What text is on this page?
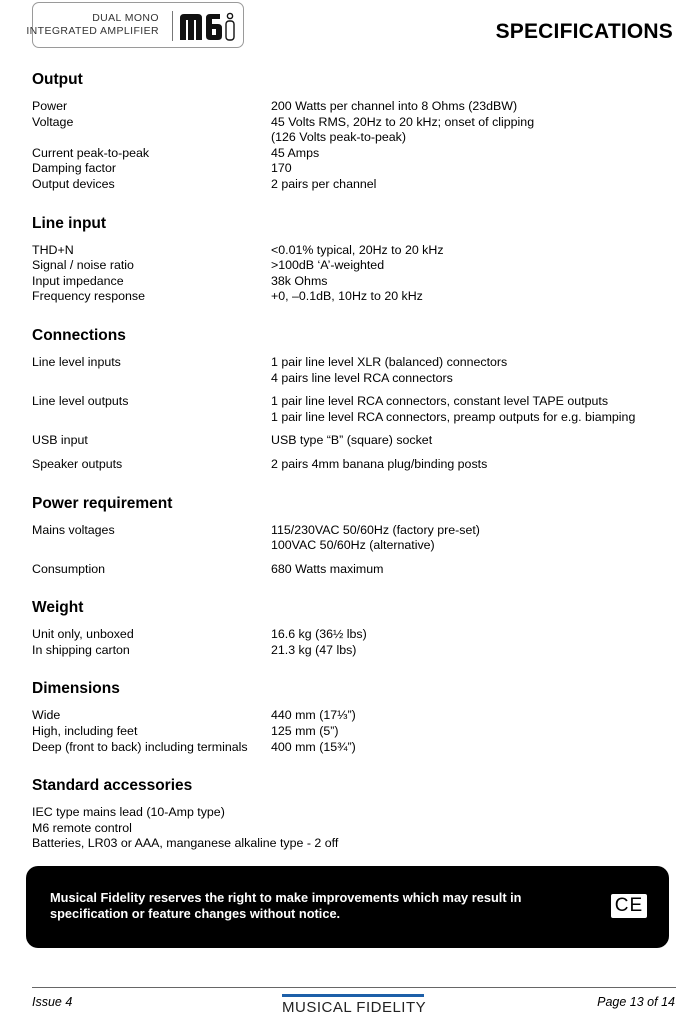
DUAL MONO
INTEGRATED AMPLIFIER	SPECIFICATIONS
Output
Power	200 Watts per channel into 8 Ohms (23dBW)
Voltage	45 Volts RMS, 20Hz to 20 kHz; onset of clipping
(126 Volts peak-to-peak)
Current peak-to-peak	45 Amps
Damping factor	170
Output devices	2 pairs per channel
Line input
THD+N	<0.01% typical, 20Hz to 20 kHz
Signal / noise ratio	>100dB ‘A’-weighted
Input impedance	38k Ohms
Frequency response	+0, –0.1dB, 10Hz to 20 kHz
Connections
Line level inputs	1 pair line level XLR (balanced) connectors
4 pairs line level RCA connectors
Line level outputs	1 pair line level RCA connectors, constant level TAPE outputs
1 pair line level RCA connectors, preamp outputs for e.g. biamping
USB input	USB type “B” (square) socket
Speaker outputs	2 pairs 4mm banana plug/binding posts
Power requirement
Mains voltages	115/230VAC 50/60Hz (factory pre-set)
100VAC 50/60Hz (alternative)
Consumption	680 Watts maximum
Weight
Unit only, unboxed	16.6 kg (36½ lbs)
In shipping carton	21.3 kg (47 lbs)
Dimensions
Wide	440 mm (17⅓”)
High, including feet	125 mm (5”)
Deep (front to back) including terminals	400 mm (15¾”)
Standard accessories
IEC type mains lead (10-Amp type)
M6 remote control
Batteries, LR03 or AAA, manganese alkaline type - 2 off
Musical Fidelity reserves the right to make improvements which may result in specification or feature changes without notice.	CE
Issue 4	MUSICAL FIDELITY	Page 13 of 14
